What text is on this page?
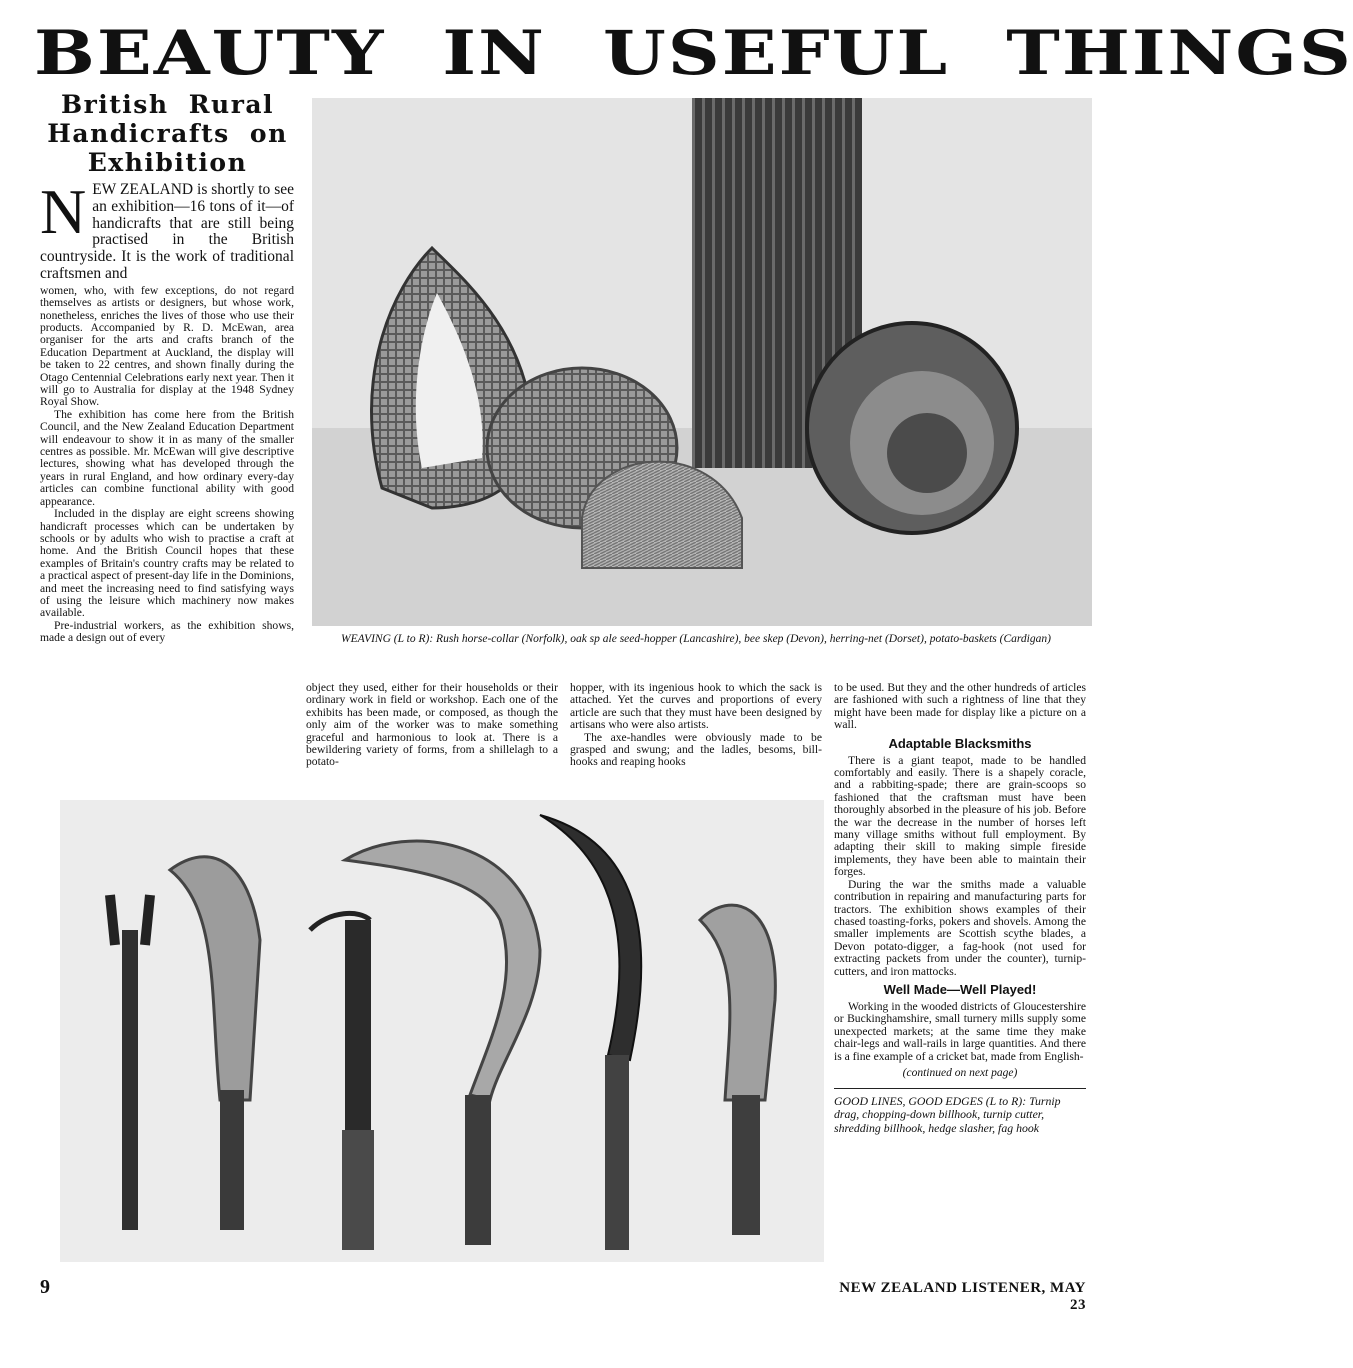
BEAUTY IN USEFUL THINGS
British Rural Handicrafts on Exhibition
NEW ZEALAND is shortly to see an exhibition—16 tons of it—of handicrafts that are still being practised in the British countryside. It is the work of traditional craftsmen and

women, who, with few exceptions, do not regard themselves as artists or designers, but whose work, nonetheless, enriches the lives of those who use their products. Accompanied by R. D. McEwan, area organiser for the arts and crafts branch of the Education Department at Auckland, the display will be taken to 22 centres, and shown finally during the Otago Centennial Celebrations early next year. Then it will go to Australia for display at the 1948 Sydney Royal Show.

The exhibition has come here from the British Council, and the New Zealand Education Department will endeavour to show it in as many of the smaller centres as possible. Mr. McEwan will give descriptive lectures, showing what has developed through the years in rural England, and how ordinary every-day articles can combine functional ability with good appearance.

Included in the display are eight screens showing handicraft processes which can be undertaken by schools or by adults who wish to practise a craft at home. And the British Council hopes that these examples of Britain's country crafts may be related to a practical aspect of present-day life in the Dominions, and meet the increasing need to find satisfying ways of using the leisure which machinery now makes available.

Pre-industrial workers, as the exhibition shows, made a design out of every	WEAVING (L to R): Rush horse-collar (Norfolk), oak sp ale seed-hopper (Lancashire), bee skep (Devon), herring-net (Dorset), potato-baskets (Cardigan)

object they used, either for their households or their ordinary work in field or workshop. Each one of the exhibits has been made, or composed, as though the only aim of the worker was to make something graceful and harmonious to look at. There is a bewildering variety of forms, from a shillelagh to a potato-

hopper, with its ingenious hook to which the sack is attached. Yet the curves and proportions of every article are such that they must have been designed by artisans who were also artists.

The axe-handles were obviously made to be grasped and swung; and the ladles, besoms, bill-hooks and reaping hooks

to be used. But they and the other hundreds of articles are fashioned with such a rightness of line that they might have been made for display like a picture on a wall.

Adaptable Blacksmiths

There is a giant teapot, made to be handled comfortably and easily. There is a shapely coracle, and a rabbiting-spade; there are grain-scoops so fashioned that the craftsman must have been thoroughly absorbed in the pleasure of his job. Before the war the decrease in the number of horses left many village smiths without full employment. By adapting their skill to making simple fireside implements, they have been able to maintain their forges.

During the war the smiths made a valuable contribution in repairing and manufacturing parts for tractors. The exhibition shows examples of their chased toasting-forks, pokers and shovels. Among the smaller implements are Scottish scythe blades, a Devon potato-digger, a fag-hook (not used for extracting packets from under the counter), turnip-cutters, and iron mattocks.

Well Made—Well Played!

Working in the wooded districts of Gloucestershire or Buckinghamshire, small turnery mills supply some unexpected markets; at the same time they make chair-legs and wall-rails in large quantities. And there is a fine example of a cricket bat, made from English-

(continued on next page)
GOOD LINES, GOOD EDGES (L to R): Turnip drag, chopping-down billhook, turnip cutter, shredding billhook, hedge slasher, fag hook
9	NEW ZEALAND LISTENER, MAY 23
